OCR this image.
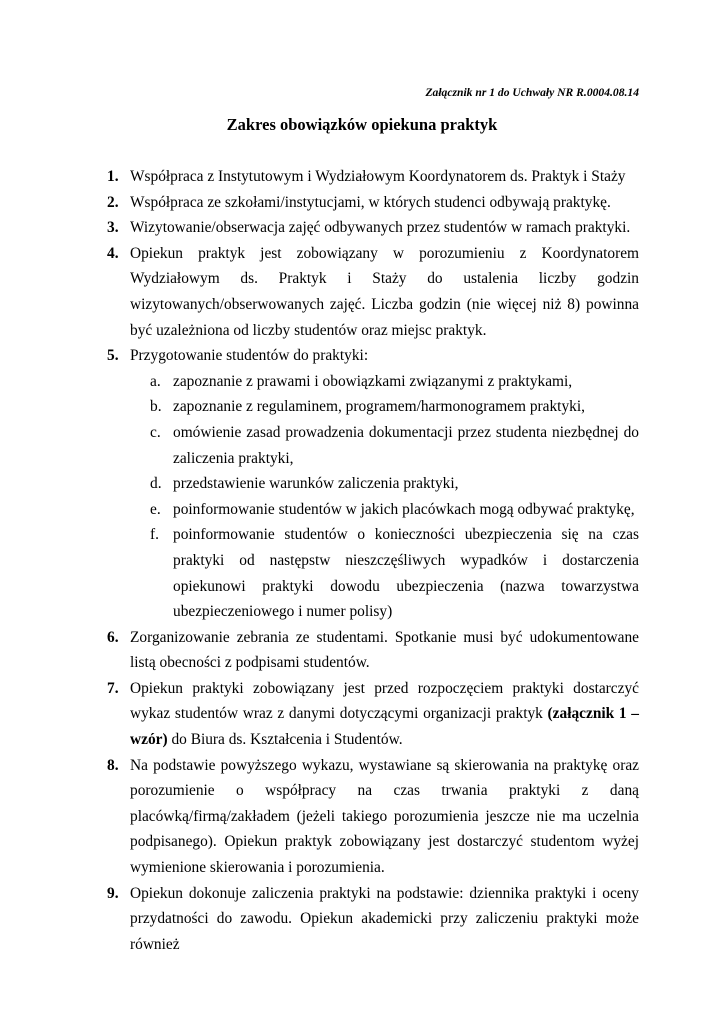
Załącznik nr 1 do Uchwały NR R.0004.08.14
Zakres obowiązków opiekuna praktyk
1. Współpraca z Instytutowym i Wydziałowym Koordynatorem ds. Praktyk i Staży
2. Współpraca ze szkołami/instytucjami, w których studenci odbywają praktykę.
3. Wizytowanie/obserwacja zajęć odbywanych przez studentów w ramach praktyki.
4. Opiekun praktyk jest zobowiązany w porozumieniu z Koordynatorem Wydziałowym ds. Praktyk i Staży do ustalenia liczby godzin wizytowanych/obserwowanych zajęć. Liczba godzin (nie więcej niż 8) powinna być uzależniona od liczby studentów oraz miejsc praktyk.
5. Przygotowanie studentów do praktyki:
a. zapoznanie z prawami i obowiązkami związanymi z praktykami,
b. zapoznanie z regulaminem, programem/harmonogramem praktyki,
c. omówienie zasad prowadzenia dokumentacji przez studenta niezbędnej do zaliczenia praktyki,
d. przedstawienie warunków zaliczenia praktyki,
e. poinformowanie studentów w jakich placówkach mogą odbywać praktykę,
f. poinformowanie studentów o konieczności ubezpieczenia się na czas praktyki od następstw nieszczęśliwych wypadków i dostarczenia opiekunowi praktyki dowodu ubezpieczenia (nazwa towarzystwa ubezpieczeniowego i numer polisy)
6. Zorganizowanie zebrania ze studentami. Spotkanie musi być udokumentowane listą obecności z podpisami studentów.
7. Opiekun praktyki zobowiązany jest przed rozpoczęciem praktyki dostarczyć wykaz studentów wraz z danymi dotyczącymi organizacji praktyk (załącznik 1 – wzór) do Biura ds. Kształcenia i Studentów.
8. Na podstawie powyższego wykazu, wystawiane są skierowania na praktykę oraz porozumienie o współpracy na czas trwania praktyki z daną placówką/firmą/zakładem (jeżeli takiego porozumienia jeszcze nie ma uczelnia podpisanego). Opiekun praktyk zobowiązany jest dostarczyć studentom wyżej wymienione skierowania i porozumienia.
9. Opiekun dokonuje zaliczenia praktyki na podstawie: dziennika praktyki i oceny przydatności do zawodu. Opiekun akademicki przy zaliczeniu praktyki może również
